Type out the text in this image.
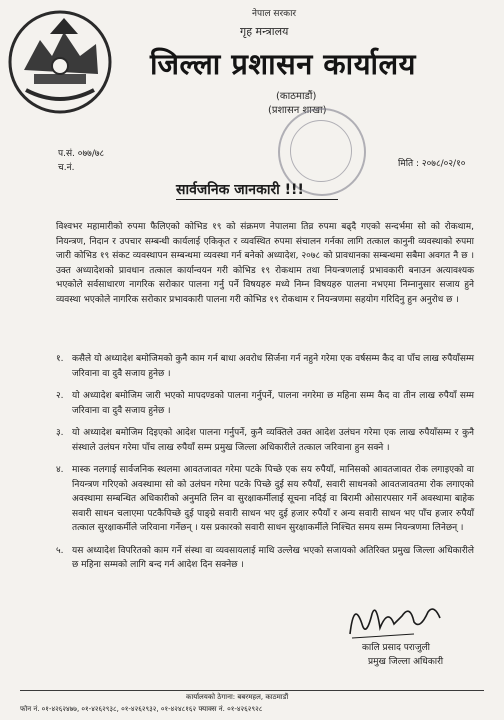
नेपाल सरकार
गृह मन्त्रालय
जिल्ला प्रशासन कार्यालय
(काठमाडौं)
(प्रशासन शाखा)
प.सं. ०७७/७८
च.नं.	मिति : २०७८/०२/१०
सार्वजनिक जानकारी !!!
विश्वभर महामारीको रुपमा फैलिएको कोभिड १९ को संक्रमण नेपालमा तिव्र रुपमा बढ्दै गएको सन्दर्भमा सो को रोकथाम, नियन्त्रण, निदान र उपचार सम्बन्धी कार्यलाई एकिकृत र व्यवस्थित रुपमा संचालन गर्नका लागि तत्काल कानुनी व्यवस्थाको रुपमा जारी कोभिड १९ संकट व्यवस्थापन सम्बन्धमा व्यवस्था गर्न बनेको अध्यादेश, २०७८ को प्रावधानका सम्बन्धमा सबैमा अवगत नै छ । उक्त अध्यादेशको प्रावधान तत्काल कार्यान्वयन गरी कोभिड १९ रोकथाम तथा नियन्त्रणलाई प्रभावकारी बनाउन अत्यावश्यक भएकोले सर्वसाधारण नागरिक सरोकार पालना गर्नु पर्ने विषयहरु मध्ये निम्न विषयहरु पालना नभएमा निम्नानुसार सजाय हुने व्यवस्था भएकोले नागरिक सरोकार प्रभावकारी पालना गरी कोभिड १९ रोकथाम र नियन्त्रणमा सहयोग गरिदिनु हुन अनुरोध छ ।
१. कसैले यो अध्यादेश बमोजिमको कुनै काम गर्न बाधा अवरोध सिर्जना गर्न नहुने गरेमा एक वर्षसम्म कैद वा पाँच लाख रुपैयाँसम्म जरिवाना वा दुवै सजाय हुनेछ ।
२. यो अध्यादेश बमोजिम जारी भएको मापदण्डको पालना गर्नुपर्ने, पालना नगरेमा छ महिना सम्म कैद वा तीन लाख रुपैयाँ सम्म जरिवाना वा दुवै सजाय हुनेछ ।
३. यो अध्यादेश बमोजिम दिइएको आदेश पालना गर्नुपर्ने, कुनै व्यक्तिले उक्त आदेश उलंघन गरेमा एक लाख रुपैयाँसम्म र कुनै संस्थाले उलंघन गरेमा पाँच लाख रुपैयाँ सम्म प्रमुख जिल्ला अधिकारीले तत्काल जरिवाना हुन सक्ने ।
४. मास्क नलगाई सार्वजनिक स्थलमा आवतजावत गरेमा पटके पिच्छे एक सय रुपैयाँ, मानिसको आवतजावत रोक लगाइएको वा नियन्त्रण गरिएको अवस्थामा सो को उलंघन गरेमा पटके पिच्छे दुई सय रुपैयाँ, सवारी साधनको आवतजावतमा रोक लगाएको अवस्थामा सम्बन्धित अधिकारीको अनुमति लिन वा सुरक्षाकर्मीलाई सूचना नदिई वा बिरामी ओसारपसार गर्ने अवस्थामा बाहेक सवारी साधन चलाएमा पटकैपिच्छे दुई पाङ्ग्रे सवारी साधन भए दुई हजार रुपैयाँ र अन्य सवारी साधन भए पाँच हजार रुपैयाँ तत्काल सुरक्षाकर्मीले जरिवाना गर्नेछन् । यस प्रकारको सवारी साधन सुरक्षाकर्मीले निश्चित समय सम्म नियन्त्रणमा लिनेछन् ।
५. यस अध्यादेश विपरितको काम गर्ने संस्था वा व्यवसायलाई माथि उल्लेख भएको सजायको अतिरिक्त प्रमुख जिल्ला अधिकारीले छ महिना सम्मको लागि बन्द गर्न आदेश दिन सक्नेछ ।
कालि प्रसाद पराजुली
प्रमुख जिल्ला अधिकारी
कार्यालयको ठेगाना: बबरमहल, काठमाडौं
फोन नं. ०१-४२६२४७७, ०१-४२६२९३८, ०१-४२६२९३२, ०१-४२४८१६२ फ्याक्स नं. ०१-४२६२९२८
